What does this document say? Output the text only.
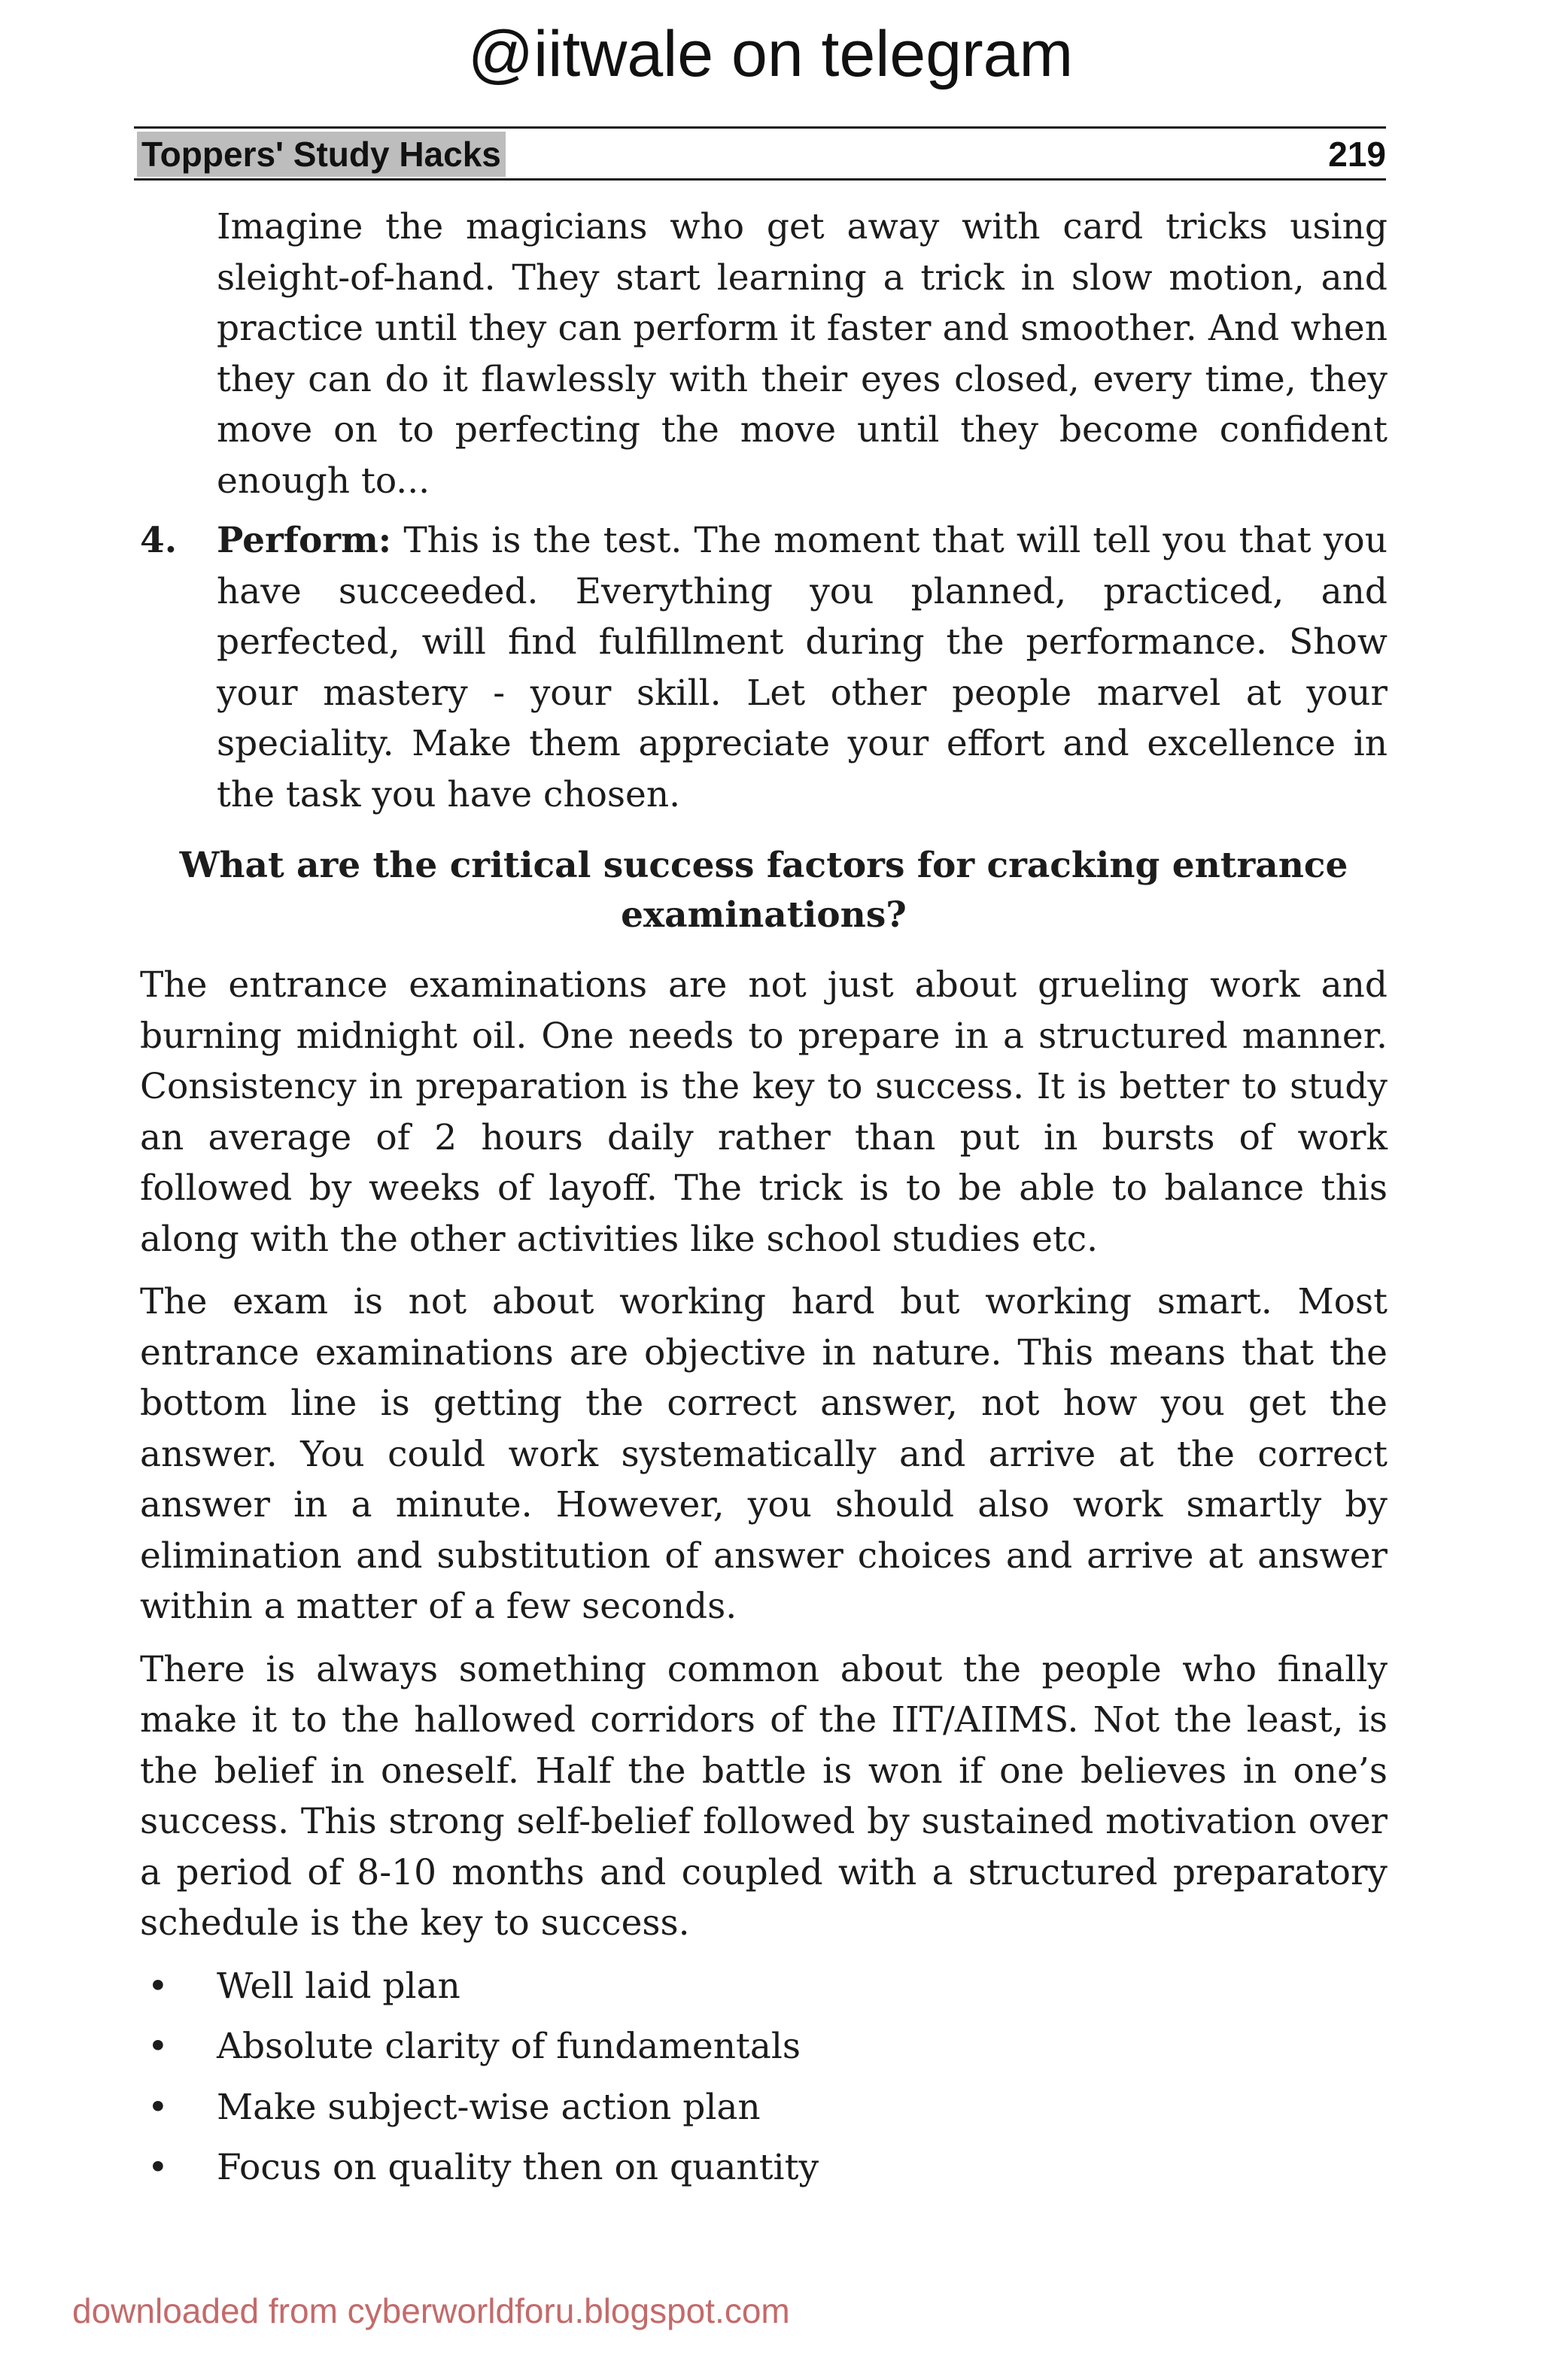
@iitwale on telegram
Toppers' Study Hacks	219

Imagine the magicians who get away with card tricks using sleight-of-hand. They start learning a trick in slow motion, and practice until they can perform it faster and smoother. And when they can do it flawlessly with their eyes closed, every time, they move on to perfecting the move until they become confident enough to...

4. Perform: This is the test. The moment that will tell you that you have succeeded. Everything you planned, practiced, and perfected, will find fulfillment during the performance. Show your mastery - your skill. Let other people marvel at your speciality. Make them appreciate your effort and excellence in the task you have chosen.

What are the critical success factors for cracking entrance examinations?

The entrance examinations are not just about grueling work and burning midnight oil. One needs to prepare in a structured manner. Consistency in preparation is the key to success. It is better to study an average of 2 hours daily rather than put in bursts of work followed by weeks of layoff. The trick is to be able to balance this along with the other activities like school studies etc.

The exam is not about working hard but working smart. Most entrance examinations are objective in nature. This means that the bottom line is getting the correct answer, not how you get the answer. You could work systematically and arrive at the correct answer in a minute. However, you should also work smartly by elimination and substitution of answer choices and arrive at answer within a matter of a few seconds.

There is always something common about the people who finally make it to the hallowed corridors of the IIT/AIIMS. Not the least, is the belief in oneself. Half the battle is won if one believes in one’s success. This strong self-belief followed by sustained motivation over a period of 8-10 months and coupled with a structured preparatory schedule is the key to success.

• Well laid plan
• Absolute clarity of fundamentals
• Make subject-wise action plan
• Focus on quality then on quantity
downloaded from cyberworldforu.blogspot.com
